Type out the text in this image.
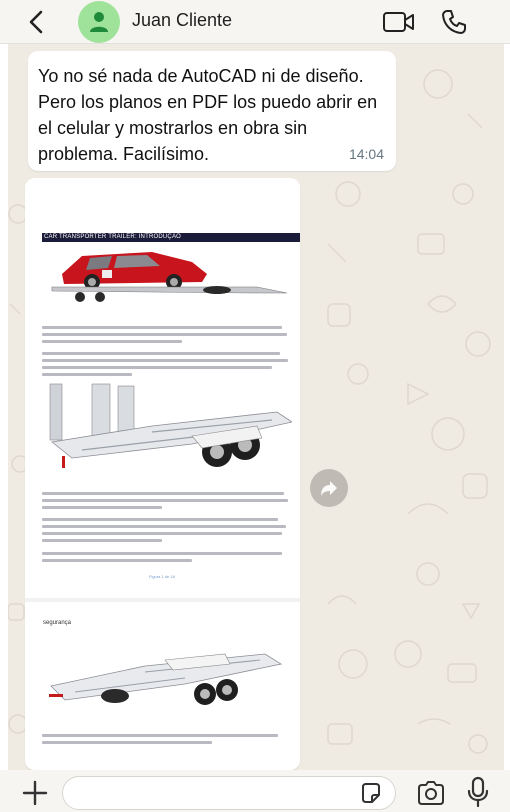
Juan Cliente
Yo no sé nada de AutoCAD ni de diseño. Pero los planos en PDF los puedo abrir en el celular y mostrarlos en obra sin problema. Facilísimo.	14:04
CAR TRANSPORTER TRAILER: INTRODUÇÃO
Figura 1 de 18
segurança
